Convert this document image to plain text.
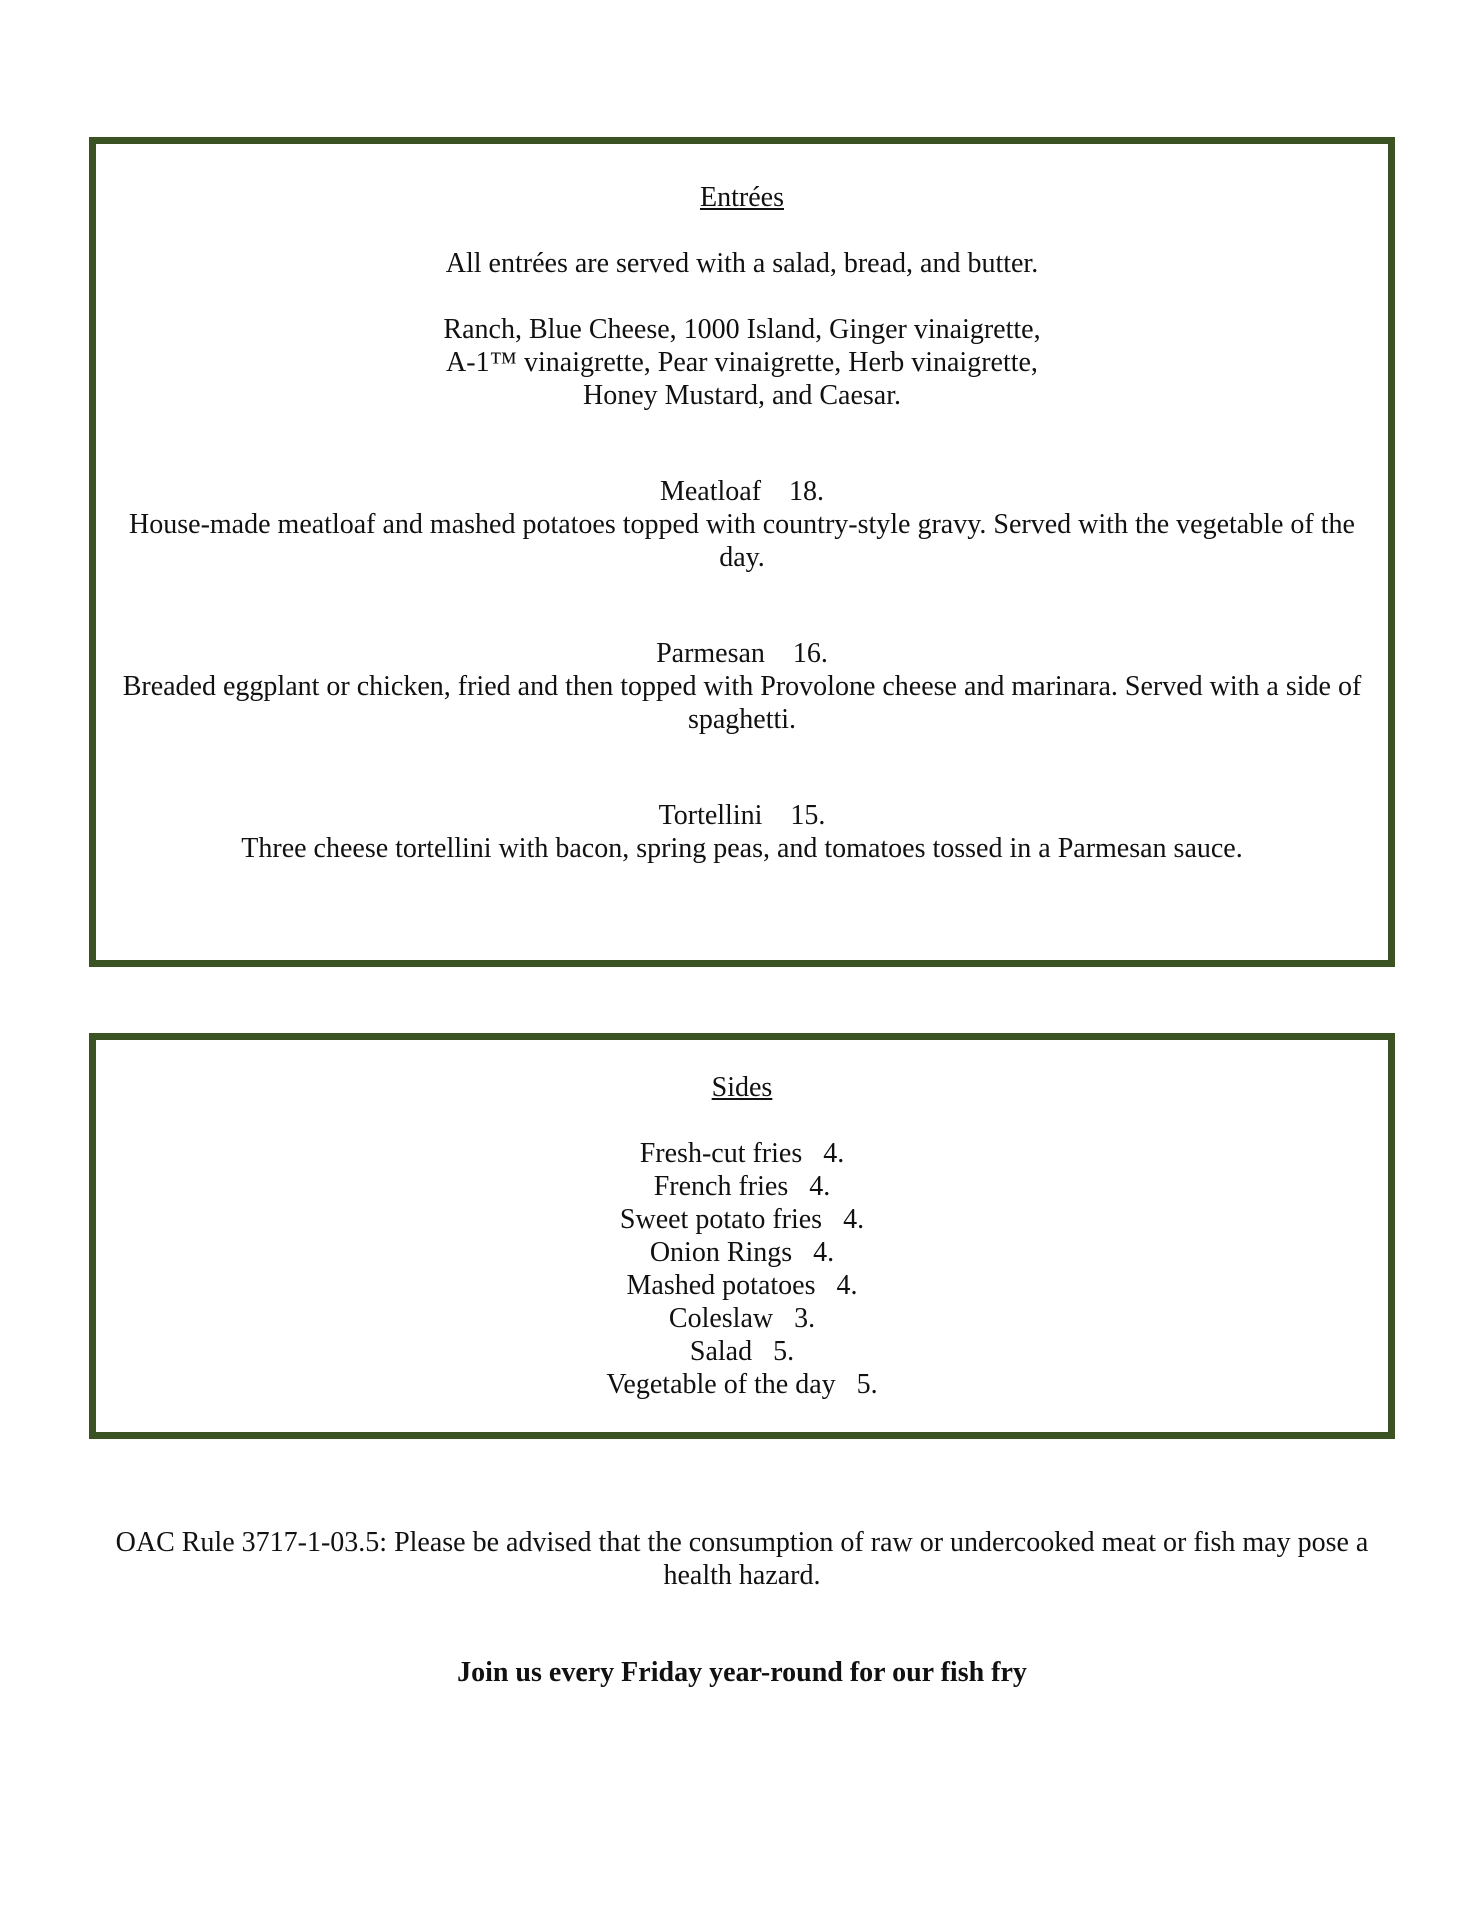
Entrées

All entrées are served with a salad, bread, and butter.

Ranch, Blue Cheese, 1000 Island, Ginger vinaigrette,

A-1™ vinaigrette, Pear vinaigrette, Herb vinaigrette,

Honey Mustard, and Caesar.

Meatloaf 18.

House-made meatloaf and mashed potatoes topped with country-style gravy. Served with the vegetable of the day.

Parmesan 16.

Breaded eggplant or chicken, fried and then topped with Provolone cheese and marinara. Served with a side of spaghetti.

Tortellini 15.

Three cheese tortellini with bacon, spring peas, and tomatoes tossed in a Parmesan sauce.

Sides

Fresh-cut fries 4.

French fries 4.

Sweet potato fries 4.

Onion Rings 4.

Mashed potatoes 4.

Coleslaw 3.

Salad 5.

Vegetable of the day 5.

OAC Rule 3717-1-03.5: Please be advised that the consumption of raw or undercooked meat or fish may pose a health hazard.

Join us every Friday year-round for our fish fry
